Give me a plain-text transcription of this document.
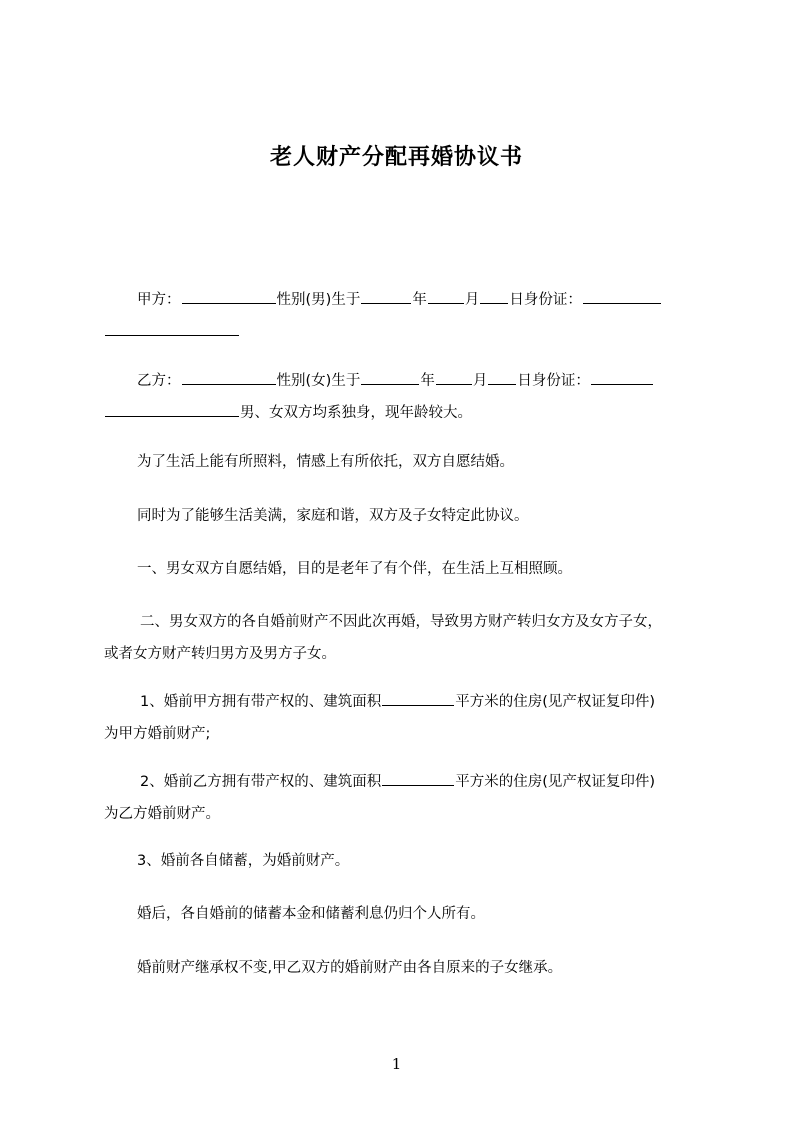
老人财产分配再婚协议书
甲方：	性别(男)生于	年	月 日身份证：
乙方：	性别(女)生于	年	月 日身份证：
男、女双方均系独身，现年龄较大。
为了生活上能有所照料，情感上有所依托，双方自愿结婚。
同时为了能够生活美满，家庭和谐，双方及子女特定此协议。
一、男女双方自愿结婚，目的是老年了有个伴，在生活上互相照顾。
二、男女双方的各自婚前财产不因此次再婚，导致男方财产转归女方及女方子女，
或者女方财产转归男方及男方子女。
1、婚前甲方拥有带产权的、建筑面积	平方米的住房(见产权证复印件)
为甲方婚前财产;
2、婚前乙方拥有带产权的、建筑面积	平方米的住房(见产权证复印件)
为乙方婚前财产。
3、婚前各自储蓄，为婚前财产。
婚后，各自婚前的储蓄本金和储蓄利息仍归个人所有。
婚前财产继承权不变,甲乙双方的婚前财产由各自原来的子女继承。
1
